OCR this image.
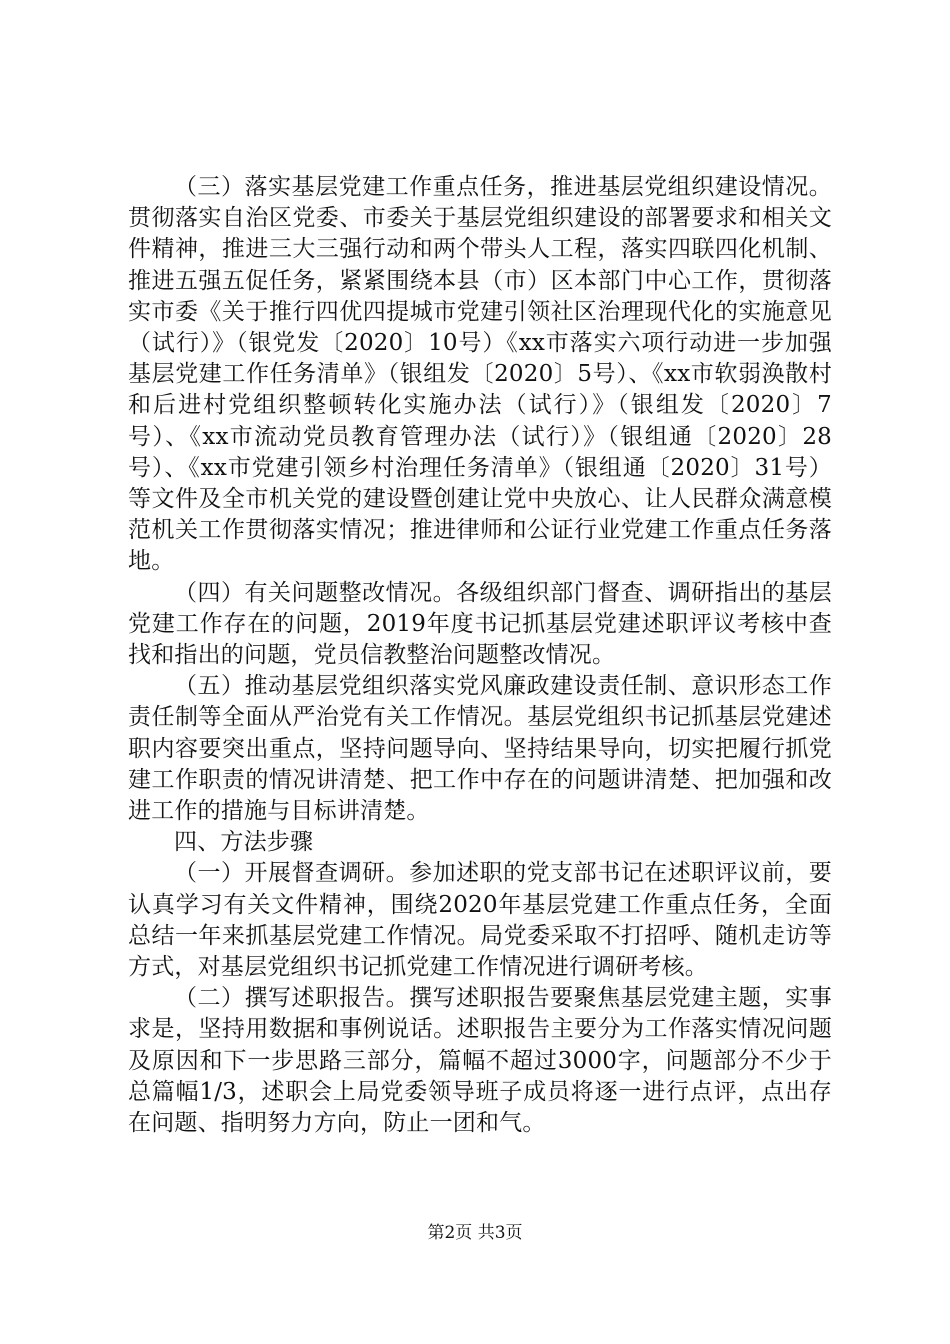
（三）落实基层党建工作重点任务，推进基层党组织建设情况。贯彻落实自治区党委、市委关于基层党组织建设的部署要求和相关文件精神，推进三大三强行动和两个带头人工程，落实四联四化机制、推进五强五促任务，紧紧围绕本县（市）区本部门中心工作，贯彻落实市委《关于推行四优四提城市党建引领社区治理现代化的实施意见（试行）》（银党发〔2020〕10号）《xx市落实六项行动进一步加强基层党建工作任务清单》（银组发〔2020〕5号）、《xx市软弱涣散村和后进村党组织整顿转化实施办法（试行）》（银组发〔2020〕7号）、《xx市流动党员教育管理办法（试行）》（银组通〔2020〕28号）、《xx市党建引领乡村治理任务清单》（银组通〔2020〕31号）等文件及全市机关党的建设暨创建让党中央放心、让人民群众满意模范机关工作贯彻落实情况；推进律师和公证行业党建工作重点任务落地。

（四）有关问题整改情况。各级组织部门督查、调研指出的基层党建工作存在的问题，2019年度书记抓基层党建述职评议考核中查找和指出的问题，党员信教整治问题整改情况。

（五）推动基层党组织落实党风廉政建设责任制、意识形态工作责任制等全面从严治党有关工作情况。基层党组织书记抓基层党建述职内容要突出重点，坚持问题导向、坚持结果导向，切实把履行抓党建工作职责的情况讲清楚、把工作中存在的问题讲清楚、把加强和改进工作的措施与目标讲清楚。

四、方法步骤

（一）开展督查调研。参加述职的党支部书记在述职评议前，要认真学习有关文件精神，围绕2020年基层党建工作重点任务，全面总结一年来抓基层党建工作情况。局党委采取不打招呼、随机走访等方式，对基层党组织书记抓党建工作情况进行调研考核。

（二）撰写述职报告。撰写述职报告要聚焦基层党建主题，实事求是，坚持用数据和事例说话。述职报告主要分为工作落实情况问题及原因和下一步思路三部分，篇幅不超过3000字，问题部分不少于总篇幅1/3，述职会上局党委领导班子成员将逐一进行点评，点出存在问题、指明努力方向，防止一团和气。

第2页 共3页
